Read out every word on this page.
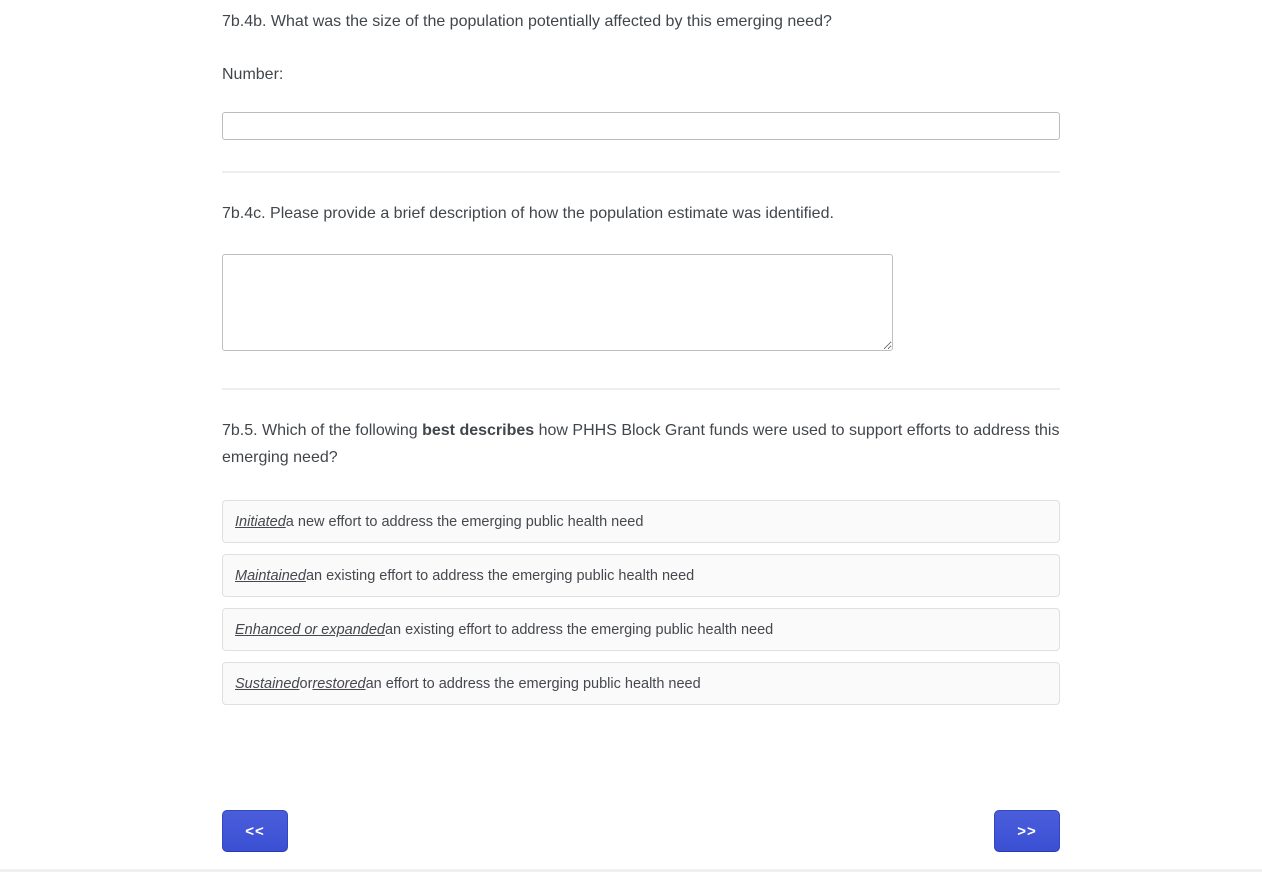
7b.4b. What was the size of the population potentially affected by this emerging need?
Number:
7b.4c. Please provide a brief description of how the population estimate was identified.
7b.5. Which of the following best describes how PHHS Block Grant funds were used to support efforts to address this emerging need?
Initiated a new effort to address the emerging public health need
Maintained an existing effort to address the emerging public health need
Enhanced or expanded an existing effort to address the emerging public health need
Sustained or restored an effort to address the emerging public health need
<<	>>
